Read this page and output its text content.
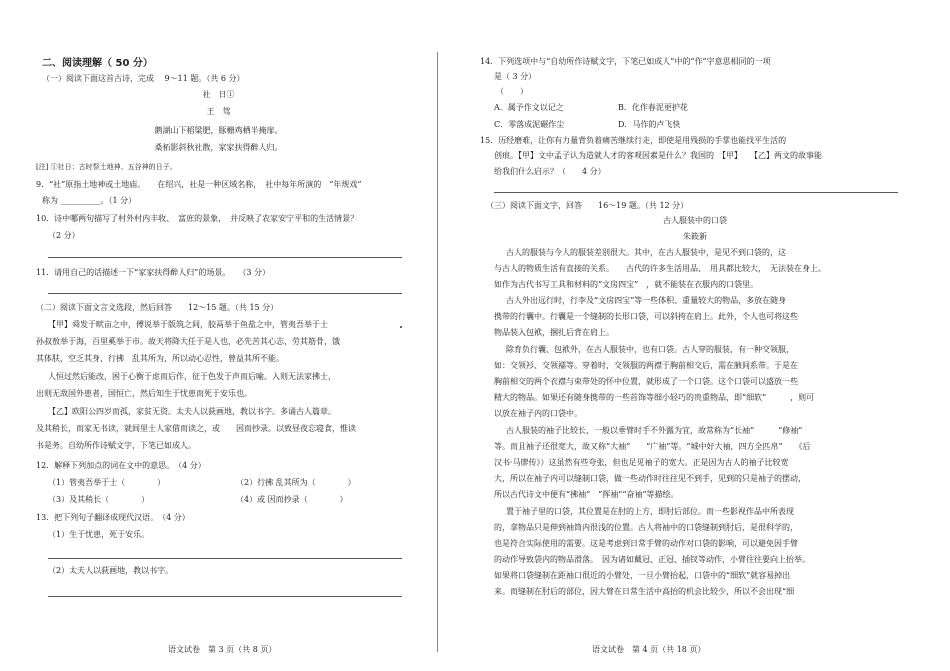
二、阅读理解（ 50 分）
（一）阅读下面这首古诗，完成　 9～11 题。（共 6 分）
社　日①
王　驾
鹅湖山下稻粱肥，豚栅鸡栖半掩扉。
桑柘影斜秋社散，家家扶得醉人归。
[注] ①社日：古时祭土地神、五谷神的日子。
9．“社”原指土地神或土地庙。　　在绍兴，社是一种区域名称，　社中每年所演的　“年规戏”
称为 __________。（1 分）
10．诗中哪两句描写了村外村内丰收、　富庶的景象，　并反映了农家安宁平和的生活情景？
（2 分）
11．请用自己的话描述一下“家家扶得醉人归”的场景。　　（3 分）
（二）阅读下面文言文选段，然后回答　　12～15 题。（共 15 分）
【甲】舜发于畎亩之中，傅说举于版筑之间，胶鬲举于鱼盐之中，管夷吾举于士
孙叔敖举于海，百里奚举于市。故天将降大任于是人也，必先苦其心志，劳其筋骨，饿
其体肤，空乏其身，行拂　乱其所为，所以动心忍性，曾益其所不能。
人恒过然后能改，困于心衡于虑而后作，征于色发于声而后喻。入则无法家拂士，
出则无敌国外患者，国恒亡，然后知生于忧患而死于安乐也。
【乙】欧阳公四岁而孤，家贫无资。太夫人以荻画地，教以书字。多诵古人篇章。
及其稍长，而家无书读，就闾里士人家借而读之，或　　因而抄录。以致昼夜忘寝食，惟读
书是务。自幼所作诗赋文字，下笔已如成人。
12．解释下列加点的词在文中的意思。　（4 分）
（1）管夷吾举于士（　　　　）	（2）行拂 乱其所为（　　　　）
（3）及其稍长（　　　　）	（4）或 因而抄录（　　　　）
13．把下列句子翻译成现代汉语。　（4 分）
（1）生于忧患，死于安乐。
（2）太夫人以荻画地，教以书字。
语文试卷　第 3 页（共 8 页）
14．下列选项中与“自幼所作诗赋文字，下笔已如成人”中的“作”字意思相同的一项
是（ 3 分）
（　　）
A．属予作文以记之	B．化作春泥更护花
C．零落成泥碾作尘	D．马作的卢飞快
15．历经磨难，让你有力量背负着痛苦继续行走，即使是用残损的手掌也能找平生活的
创痕。【甲】文中孟子认为造就人才的客观因素是什么？我国的　【甲】　　【乙】两文的故事能
给我们什么启示？（　　4 分）
（三）阅读下面文字，回答　　16～19 题。（共 12 分）
古人服装中的口袋
朱筱新
古人的服装与今人的服装差别很大。其中，在古人服装中，是见不到口袋的，这
与古人的物质生活有直接的关系。　　古代的许多生活用品、　用具都比较大，　无法装在身上。
如作为古代书写工具和材料的“文房四宝”　，就不能装在衣服内的口袋里。
古人外出远行时，行李及“文房四宝”等一些体积、重量较大的物品，多放在随身
携带的行囊中。行囊是一个缝制的长形口袋，可以斜挎在肩上。此外，个人也可将这些
物品装入包袱，捆扎后背在肩上。
除育负行囊、包袱外，在古人服装中，也有口袋。古人穿的服装，有一种交领服，
如：交领衫、交领襦等。穿着时，交领服的两襟于胸前相交后，需在腋间系带。于是在
胸前相交的两个衣襟与束带处的怀中位置，就形成了一个口袋。这个口袋可以盛放一些
精大的物品。如果还有随身携带的一些首饰等细小轻巧的贵重物品，即“细软”　　　，则可
以放在袖子内的口袋中。
古人服装的袖子比较长，一般以垂臂时手不外露为宜，故常称为“长袖”　　　“修袖”
等。而且袖子还很宽大，故又称“大袖”　　“广袖”等。“城中好大袖，四方全匹帛”　　《后
汉书·马廖传》）这虽然有些夸张，但也足见袖子的宽大。正是因为古人的袖子比较宽
大，所以在袖子内可以缝制口袋，做一些动作时往往见不到手，见到的只是袖子的摆动，
所以古代诗文中便有“拂袖”　“挥袖”“奋袖”等描绘。
置于袖子里的口袋，其位置是在肘的上方，即肘后部位。而一些影视作品中所表现
的，拿物品只是伸到袖筒内很浅的位置。古人将袖中的口袋缝制到肘后，是很科学的，
也是符合实际使用的需要。这是考虑到日常手臂的动作对口袋的影响，可以避免因手臂
的动作导致袋内的物品滑落。　因为诸如戴冠、正冠、插钗等动作，小臂往往要向上抬举。
如果将口袋缝制在距袖口很近的小臂处，一旦小臂抬起，口袋中的“细软”就容易掉出
来。而缝制在肘后的部位，因大臂在日常生活中高抬的机会比较少，所以不会出现“细
语文试卷　第 4 页（共 18 页）
